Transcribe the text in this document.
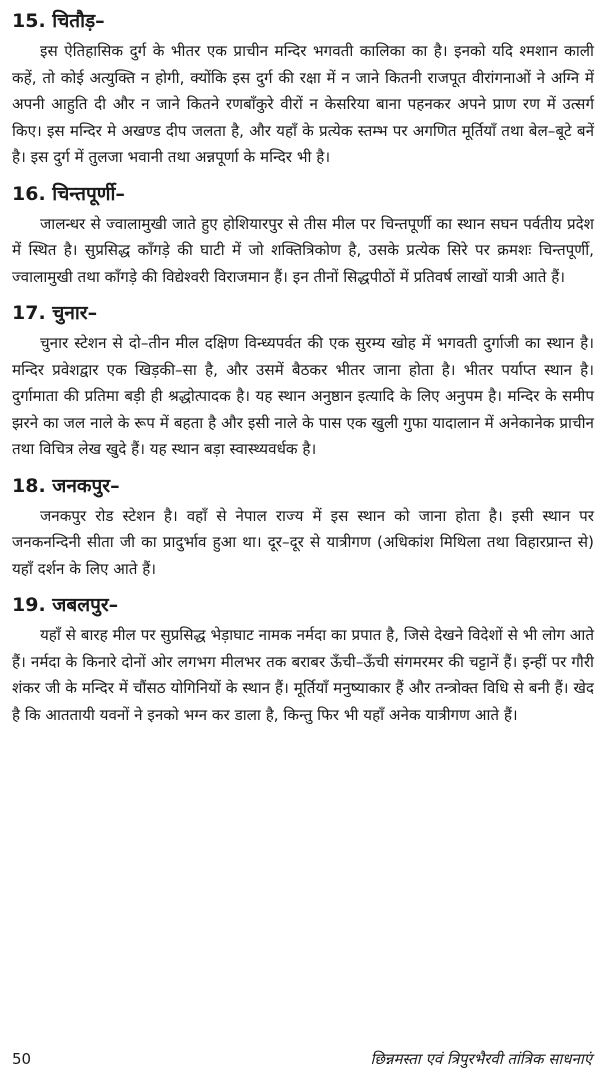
15. चितौड़–
इस ऐतिहासिक दुर्ग के भीतर एक प्राचीन मन्दिर भगवती कालिका का है। इनको यदि श्मशान काली कहें, तो कोई अत्युक्ति न होगी, क्योंकि इस दुर्ग की रक्षा में न जाने कितनी राजपूत वीरांगनाओं ने अग्नि में अपनी आहुति दी और न जाने कितने रणबाँकुरे वीरों न केसरिया बाना पहनकर अपने प्राण रण में उत्सर्ग किए। इस मन्दिर मे अखण्ड दीप जलता है, और यहाँ के प्रत्येक स्तम्भ पर अगणित मूर्तियाँ तथा बेल–बूटे बनें है। इस दुर्ग में तुलजा भवानी तथा अन्नपूर्णा के मन्दिर भी है।
16. चिन्तपूर्णी–
जालन्धर से ज्वालामुखी जाते हुए होशियारपुर से तीस मील पर चिन्तपूर्णी का स्थान सघन पर्वतीय प्रदेश में स्थित है। सुप्रसिद्ध काँगड़े की घाटी में जो शक्तित्रिकोण है, उसके प्रत्येक सिरे पर क्रमशः चिन्तपूर्णी, ज्वालामुखी तथा काँगड़े की विद्येश्वरी विराजमान हैं। इन तीनों सिद्धपीठों में प्रतिवर्ष लाखों यात्री आते हैं।
17. चुनार–
चुनार स्टेशन से दो–तीन मील दक्षिण विन्ध्यपर्वत की एक सुरम्य खोह में भगवती दुर्गाजी का स्थान है। मन्दिर प्रवेशद्वार एक खिड़की–सा है, और उसमें बैठकर भीतर जाना होता है। भीतर पर्याप्त स्थान है। दुर्गामाता की प्रतिमा बड़ी ही श्रद्धोत्पादक है। यह स्थान अनुष्ठान इत्यादि के लिए अनुपम है। मन्दिर के समीप झरने का जल नाले के रूप में बहता है और इसी नाले के पास एक खुली गुफा यादालान में अनेकानेक प्राचीन तथा विचित्र लेख खुदे हैं। यह स्थान बड़ा स्वास्थ्यवर्धक है।
18. जनकपुर–
जनकपुर रोड स्टेशन है। वहाँ से नेपाल राज्य में इस स्थान को जाना होता है। इसी स्थान पर जनकनन्दिनी सीता जी का प्रादुर्भाव हुआ था। दूर–दूर से यात्रीगण (अधिकांश मिथिला तथा विहारप्रान्त से) यहाँ दर्शन के लिए आते हैं।
19. जबलपुर–
यहाँ से बारह मील पर सुप्रसिद्ध भेड़ाघाट नामक नर्मदा का प्रपात है, जिसे देखने विदेशों से भी लोग आते हैं। नर्मदा के किनारे दोनों ओर लगभग मीलभर तक बराबर ऊँची–ऊँची संगमरमर की चट्टानें हैं। इन्हीं पर गौरी शंकर जी के मन्दिर में चौंसठ योगिनियों के स्थान हैं। मूर्तियाँ मनुष्याकार हैं और तन्त्रोक्त विधि से बनी हैं। खेद है कि आततायी यवनों ने इनको भग्न कर डाला है, किन्तु फिर भी यहाँ अनेक यात्रीगण आते हैं।
50	छिन्नमस्ता एवं त्रिपुरभैरवी तांत्रिक साधनाएं
